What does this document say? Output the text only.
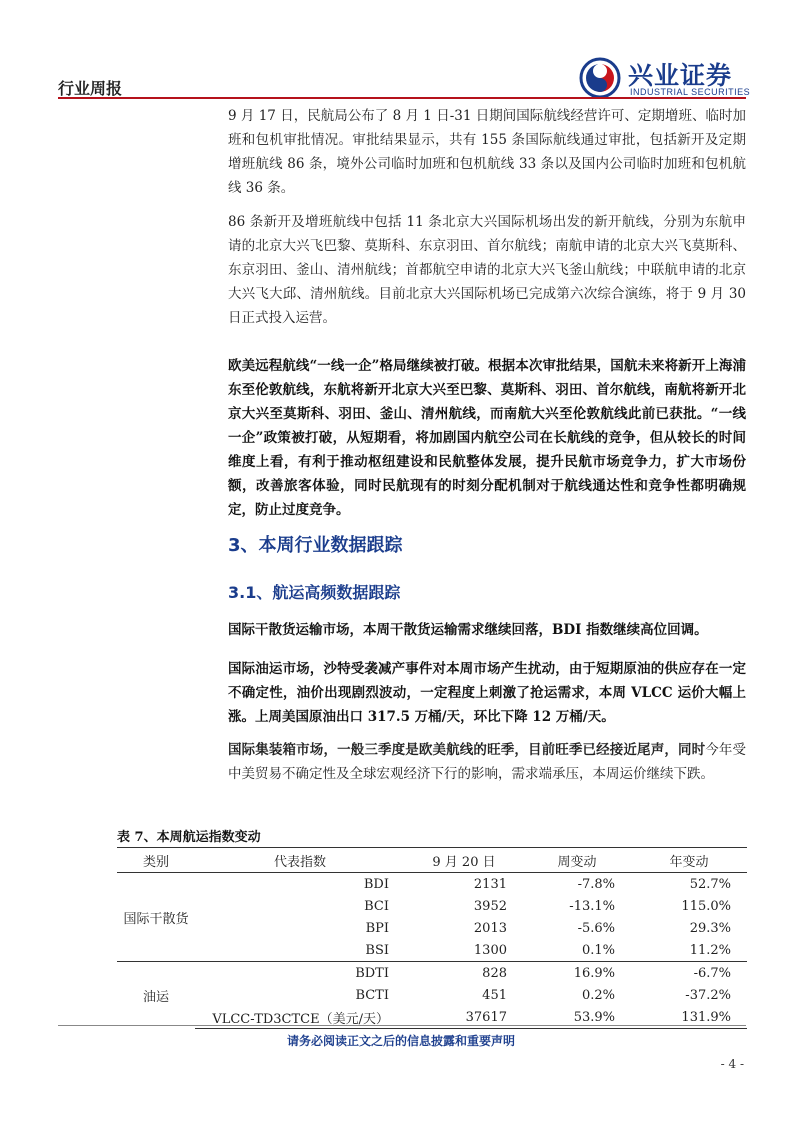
行业周报	兴业证券
INDUSTRIAL SECURITIES

9 月 17 日，民航局公布了 8 月 1 日-31 日期间国际航线经营许可、定期增班、临时加班和包机审批情况。审批结果显示，共有 155 条国际航线通过审批，包括新开及定期增班航线 86 条，境外公司临时加班和包机航线 33 条以及国内公司临时加班和包机航线 36 条。

86 条新开及增班航线中包括 11 条北京大兴国际机场出发的新开航线，分别为东航申请的北京大兴飞巴黎、莫斯科、东京羽田、首尔航线；南航申请的北京大兴飞莫斯科、东京羽田、釜山、清州航线；首都航空申请的北京大兴飞釜山航线；中联航申请的北京大兴飞大邱、清州航线。目前北京大兴国际机场已完成第六次综合演练，将于 9 月 30 日正式投入运营。

欧美远程航线“一线一企”格局继续被打破。根据本次审批结果，国航未来将新开上海浦东至伦敦航线，东航将新开北京大兴至巴黎、莫斯科、羽田、首尔航线，南航将新开北京大兴至莫斯科、羽田、釜山、清州航线，而南航大兴至伦敦航线此前已获批。“一线一企”政策被打破，从短期看，将加剧国内航空公司在长航线的竞争，但从较长的时间维度上看，有利于推动枢纽建设和民航整体发展，提升民航市场竞争力，扩大市场份额，改善旅客体验，同时民航现有的时刻分配机制对于航线通达性和竞争性都明确规定，防止过度竞争。

3、本周行业数据跟踪
3.1、航运高频数据跟踪

国际干散货运输市场，本周干散货运输需求继续回落，BDI 指数继续高位回调。

国际油运市场，沙特受袭减产事件对本周市场产生扰动，由于短期原油的供应存在一定不确定性，油价出现剧烈波动，一定程度上刺激了抢运需求，本周 VLCC 运价大幅上涨。上周美国原油出口 317.5 万桶/天，环比下降 12 万桶/天。

国际集装箱市场，一般三季度是欧美航线的旺季，目前旺季已经接近尾声，同时今年受中美贸易不确定性及全球宏观经济下行的影响，需求端承压，本周运价继续下跌。

表 7、本周航运指数变动
类别	代表指数	9 月 20 日	周变动	年变动
国际干散货	BDI	2131	-7.8%	52.7%
	BCI	3952	-13.1%	115.0%
	BPI	2013	-5.6%	29.3%
	BSI	1300	0.1%	11.2%
油运	BDTI	828	16.9%	-6.7%
	BCTI	451	0.2%	-37.2%
	VLCC-TD3CTCE（美元/天）	37617	53.9%	131.9%
请务必阅读正文之后的信息披露和重要声明
- 4 -
